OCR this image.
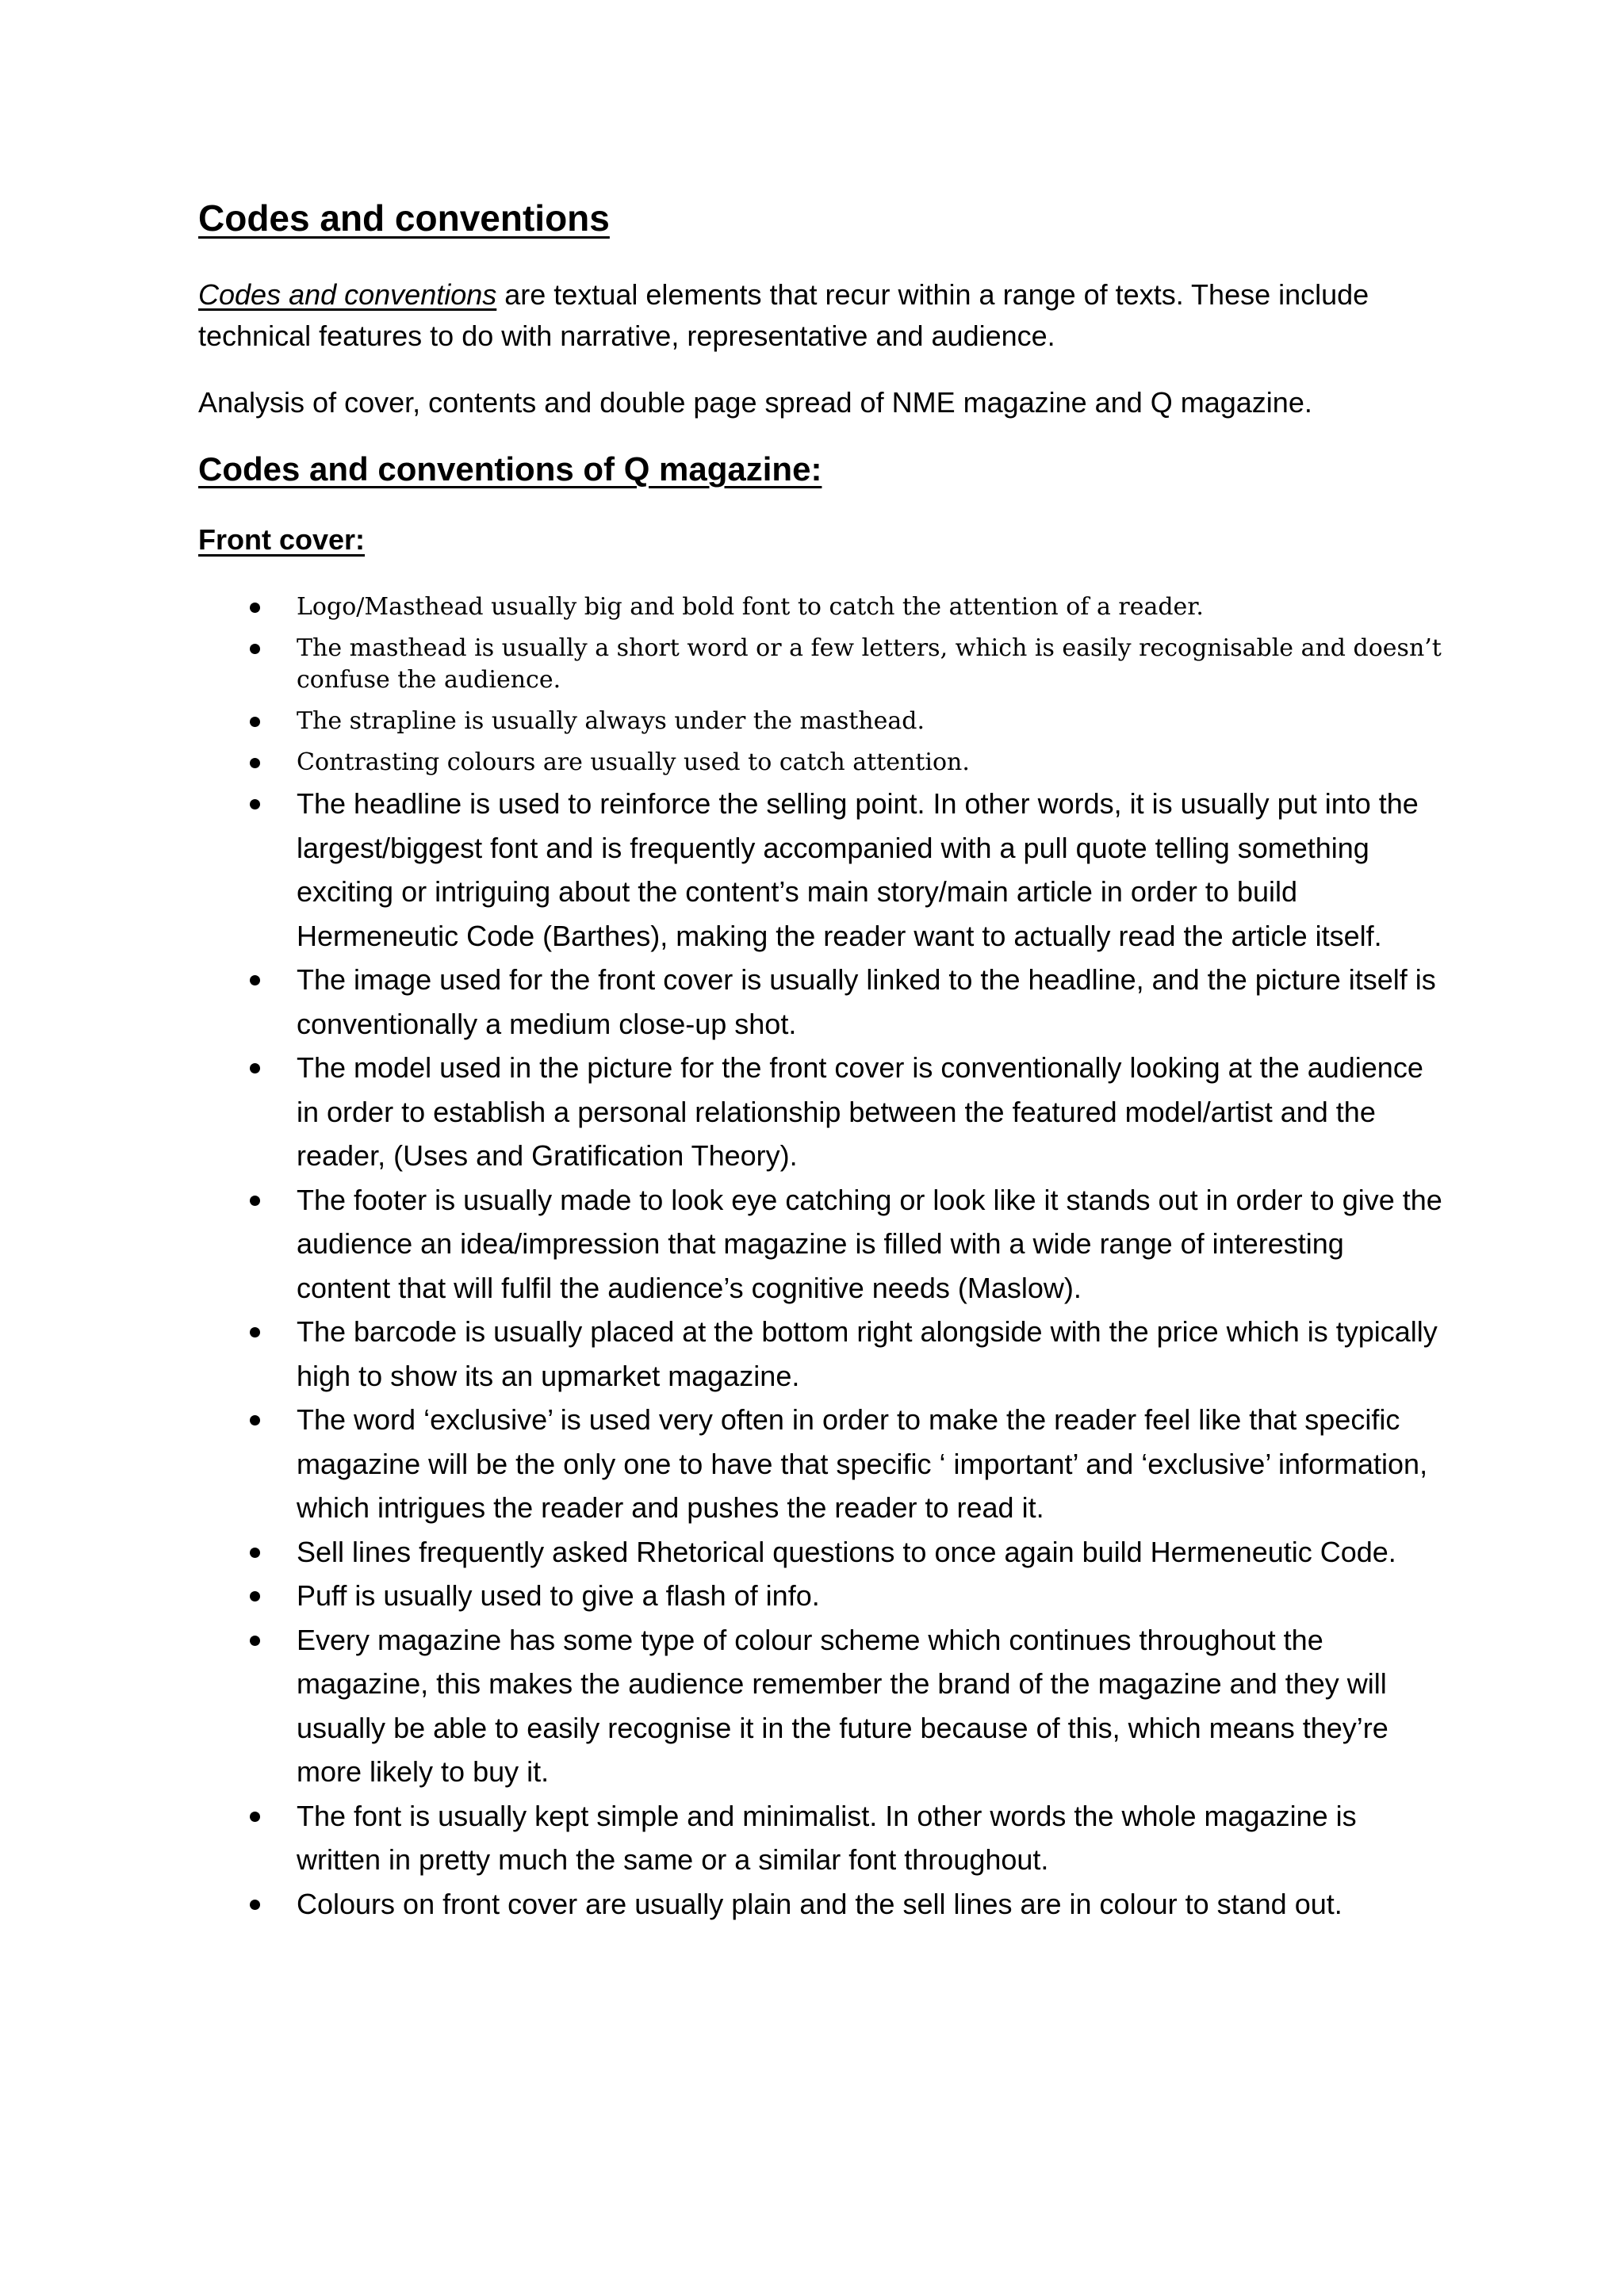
Codes and conventions

Codes and conventions are textual elements that recur within a range of texts. These include technical features to do with narrative, representative and audience.

Analysis of cover, contents and double page spread of NME magazine and Q magazine.

Codes and conventions of Q magazine:
Front cover:
Logo/Masthead usually big and bold font to catch the attention of a reader.
The masthead is usually a short word or a few letters, which is easily recognisable and doesn’t confuse the audience.
The strapline is usually always under the masthead.
Contrasting colours are usually used to catch attention.
The headline is used to reinforce the selling point. In other words, it is usually put into the largest/biggest font and is frequently accompanied with a pull quote telling something exciting or intriguing about the content’s main story/main article in order to build Hermeneutic Code (Barthes), making the reader want to actually read the article itself.
The image used for the front cover is usually linked to the headline, and the picture itself is conventionally a medium close-up shot.
The model used in the picture for the front cover is conventionally looking at the audience in order to establish a personal relationship between the featured model/artist and the reader, (Uses and Gratification Theory).
The footer is usually made to look eye catching or look like it stands out in order to give the audience an idea/impression that magazine is filled with a wide range of interesting content that will fulfil the audience’s cognitive needs (Maslow).
The barcode is usually placed at the bottom right alongside with the price which is typically high to show its an upmarket magazine.
The word ‘exclusive’ is used very often in order to make the reader feel like that specific magazine will be the only one to have that specific ‘ important’ and ‘exclusive’ information, which intrigues the reader and pushes the reader to read it.
Sell lines frequently asked Rhetorical questions to once again build Hermeneutic Code.
Puff is usually used to give a flash of info.
Every magazine has some type of colour scheme which continues throughout the magazine, this makes the audience remember the brand of the magazine and they will usually be able to easily recognise it in the future because of this, which means they’re more likely to buy it.
The font is usually kept simple and minimalist. In other words the whole magazine is written in pretty much the same or a similar font throughout.
Colours on front cover are usually plain and the sell lines are in colour to stand out.
